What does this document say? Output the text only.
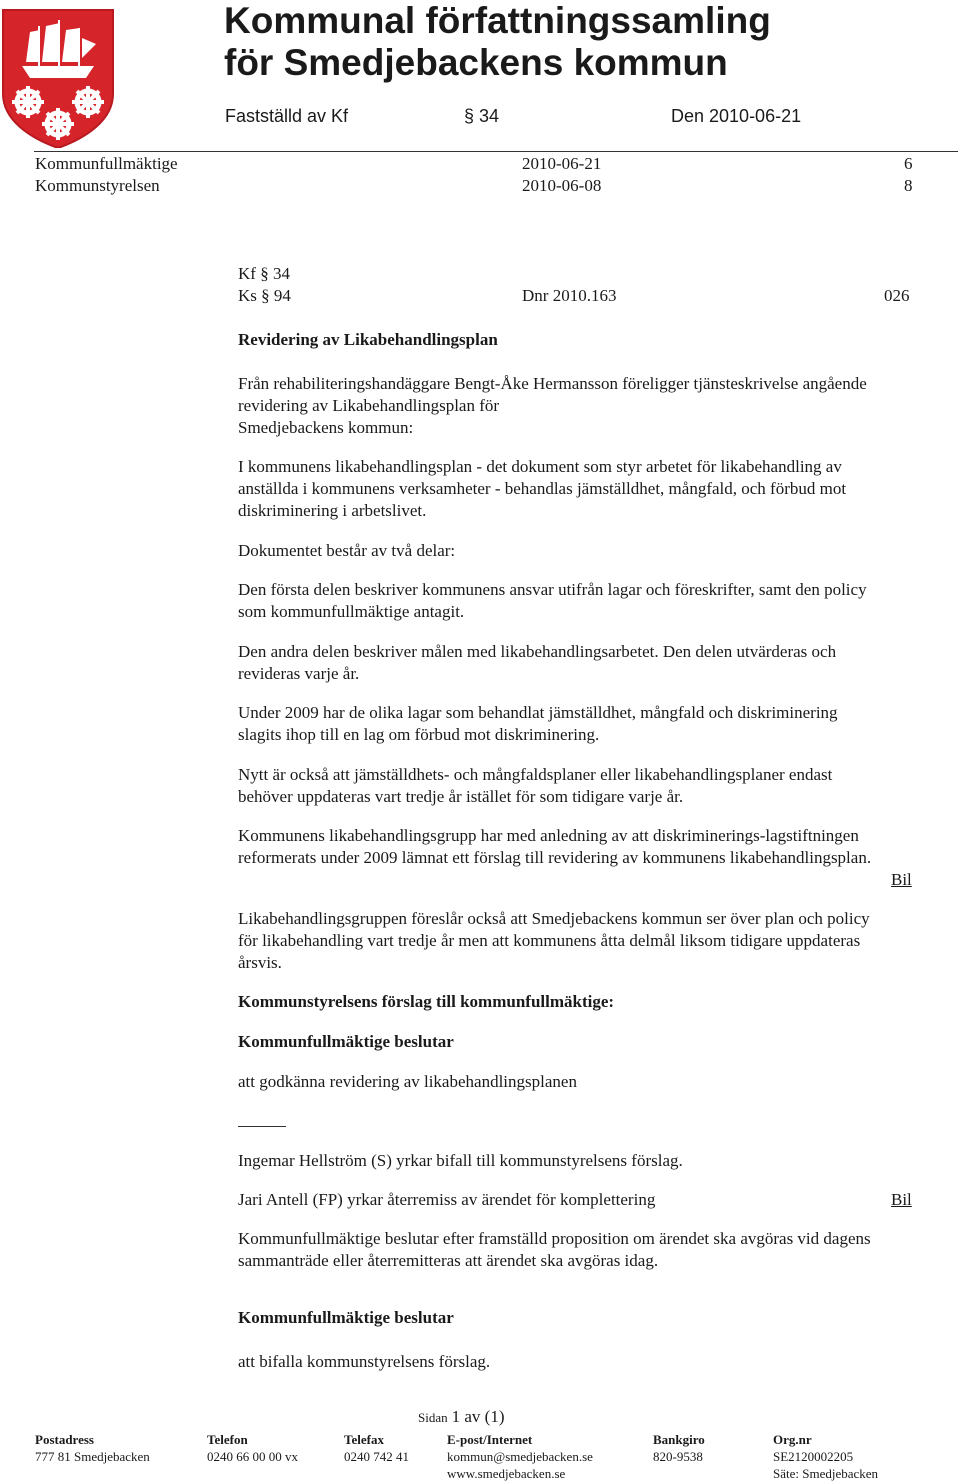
Kommunal författningssamling
för Smedjebackens kommun
Fastställd av Kf	§ 34	Den 2010-06-21
Kommunfullmäktige	2010-06-21	6
Kommunstyrelsen	2010-06-08	8
Kf § 34
Ks § 94	Dnr 2010.163	026
Revidering av Likabehandlingsplan
Från rehabiliteringshandäggare Bengt-Åke Hermansson föreligger tjänsteskrivelse angående
revidering av Likabehandlingsplan för
Smedjebackens kommun:
I kommunens likabehandlingsplan - det dokument som styr arbetet för likabehandling av
anställda i kommunens verksamheter - behandlas jämställdhet, mångfald, och förbud mot
diskriminering i arbetslivet.
Dokumentet består av två delar:
Den första delen beskriver kommunens ansvar utifrån lagar och föreskrifter, samt den policy
som kommunfullmäktige antagit.
Den andra delen beskriver målen med likabehandlingsarbetet. Den delen utvärderas och
revideras varje år.
Under 2009 har de olika lagar som behandlat jämställdhet, mångfald och diskriminering
slagits ihop till en lag om förbud mot diskriminering.
Nytt är också att jämställdhets- och mångfaldsplaner eller likabehandlingsplaner endast
behöver uppdateras vart tredje år istället för som tidigare varje år.
Kommunens likabehandlingsgrupp har med anledning av att diskriminerings-lagstiftningen
reformerats under 2009 lämnat ett förslag till revidering av kommunens likabehandlingsplan.
Bil
Likabehandlingsgruppen föreslår också att Smedjebackens kommun ser över plan och policy
för likabehandling vart tredje år men att kommunens åtta delmål liksom tidigare uppdateras
årsvis.
Kommunstyrelsens förslag till kommunfullmäktige:
Kommunfullmäktige beslutar
att godkänna revidering av likabehandlingsplanen
Ingemar Hellström (S) yrkar bifall till kommunstyrelsens förslag.
Jari Antell (FP) yrkar återremiss av ärendet för komplettering	Bil
Kommunfullmäktige beslutar efter framställd proposition om ärendet ska avgöras vid dagens
sammanträde eller återremitteras att ärendet ska avgöras idag.
Kommunfullmäktige beslutar
att bifalla kommunstyrelsens förslag.
Sidan 1 av (1)
Postadress
777 81 Smedjebacken
Telefon
0240 66 00 00 vx
Telefax
0240 742 41
E-post/Internet
kommun@smedjebacken.se
www.smedjebacken.se
Bankgiro
820-9538
Org.nr
SE2120002205
Säte: Smedjebacken
